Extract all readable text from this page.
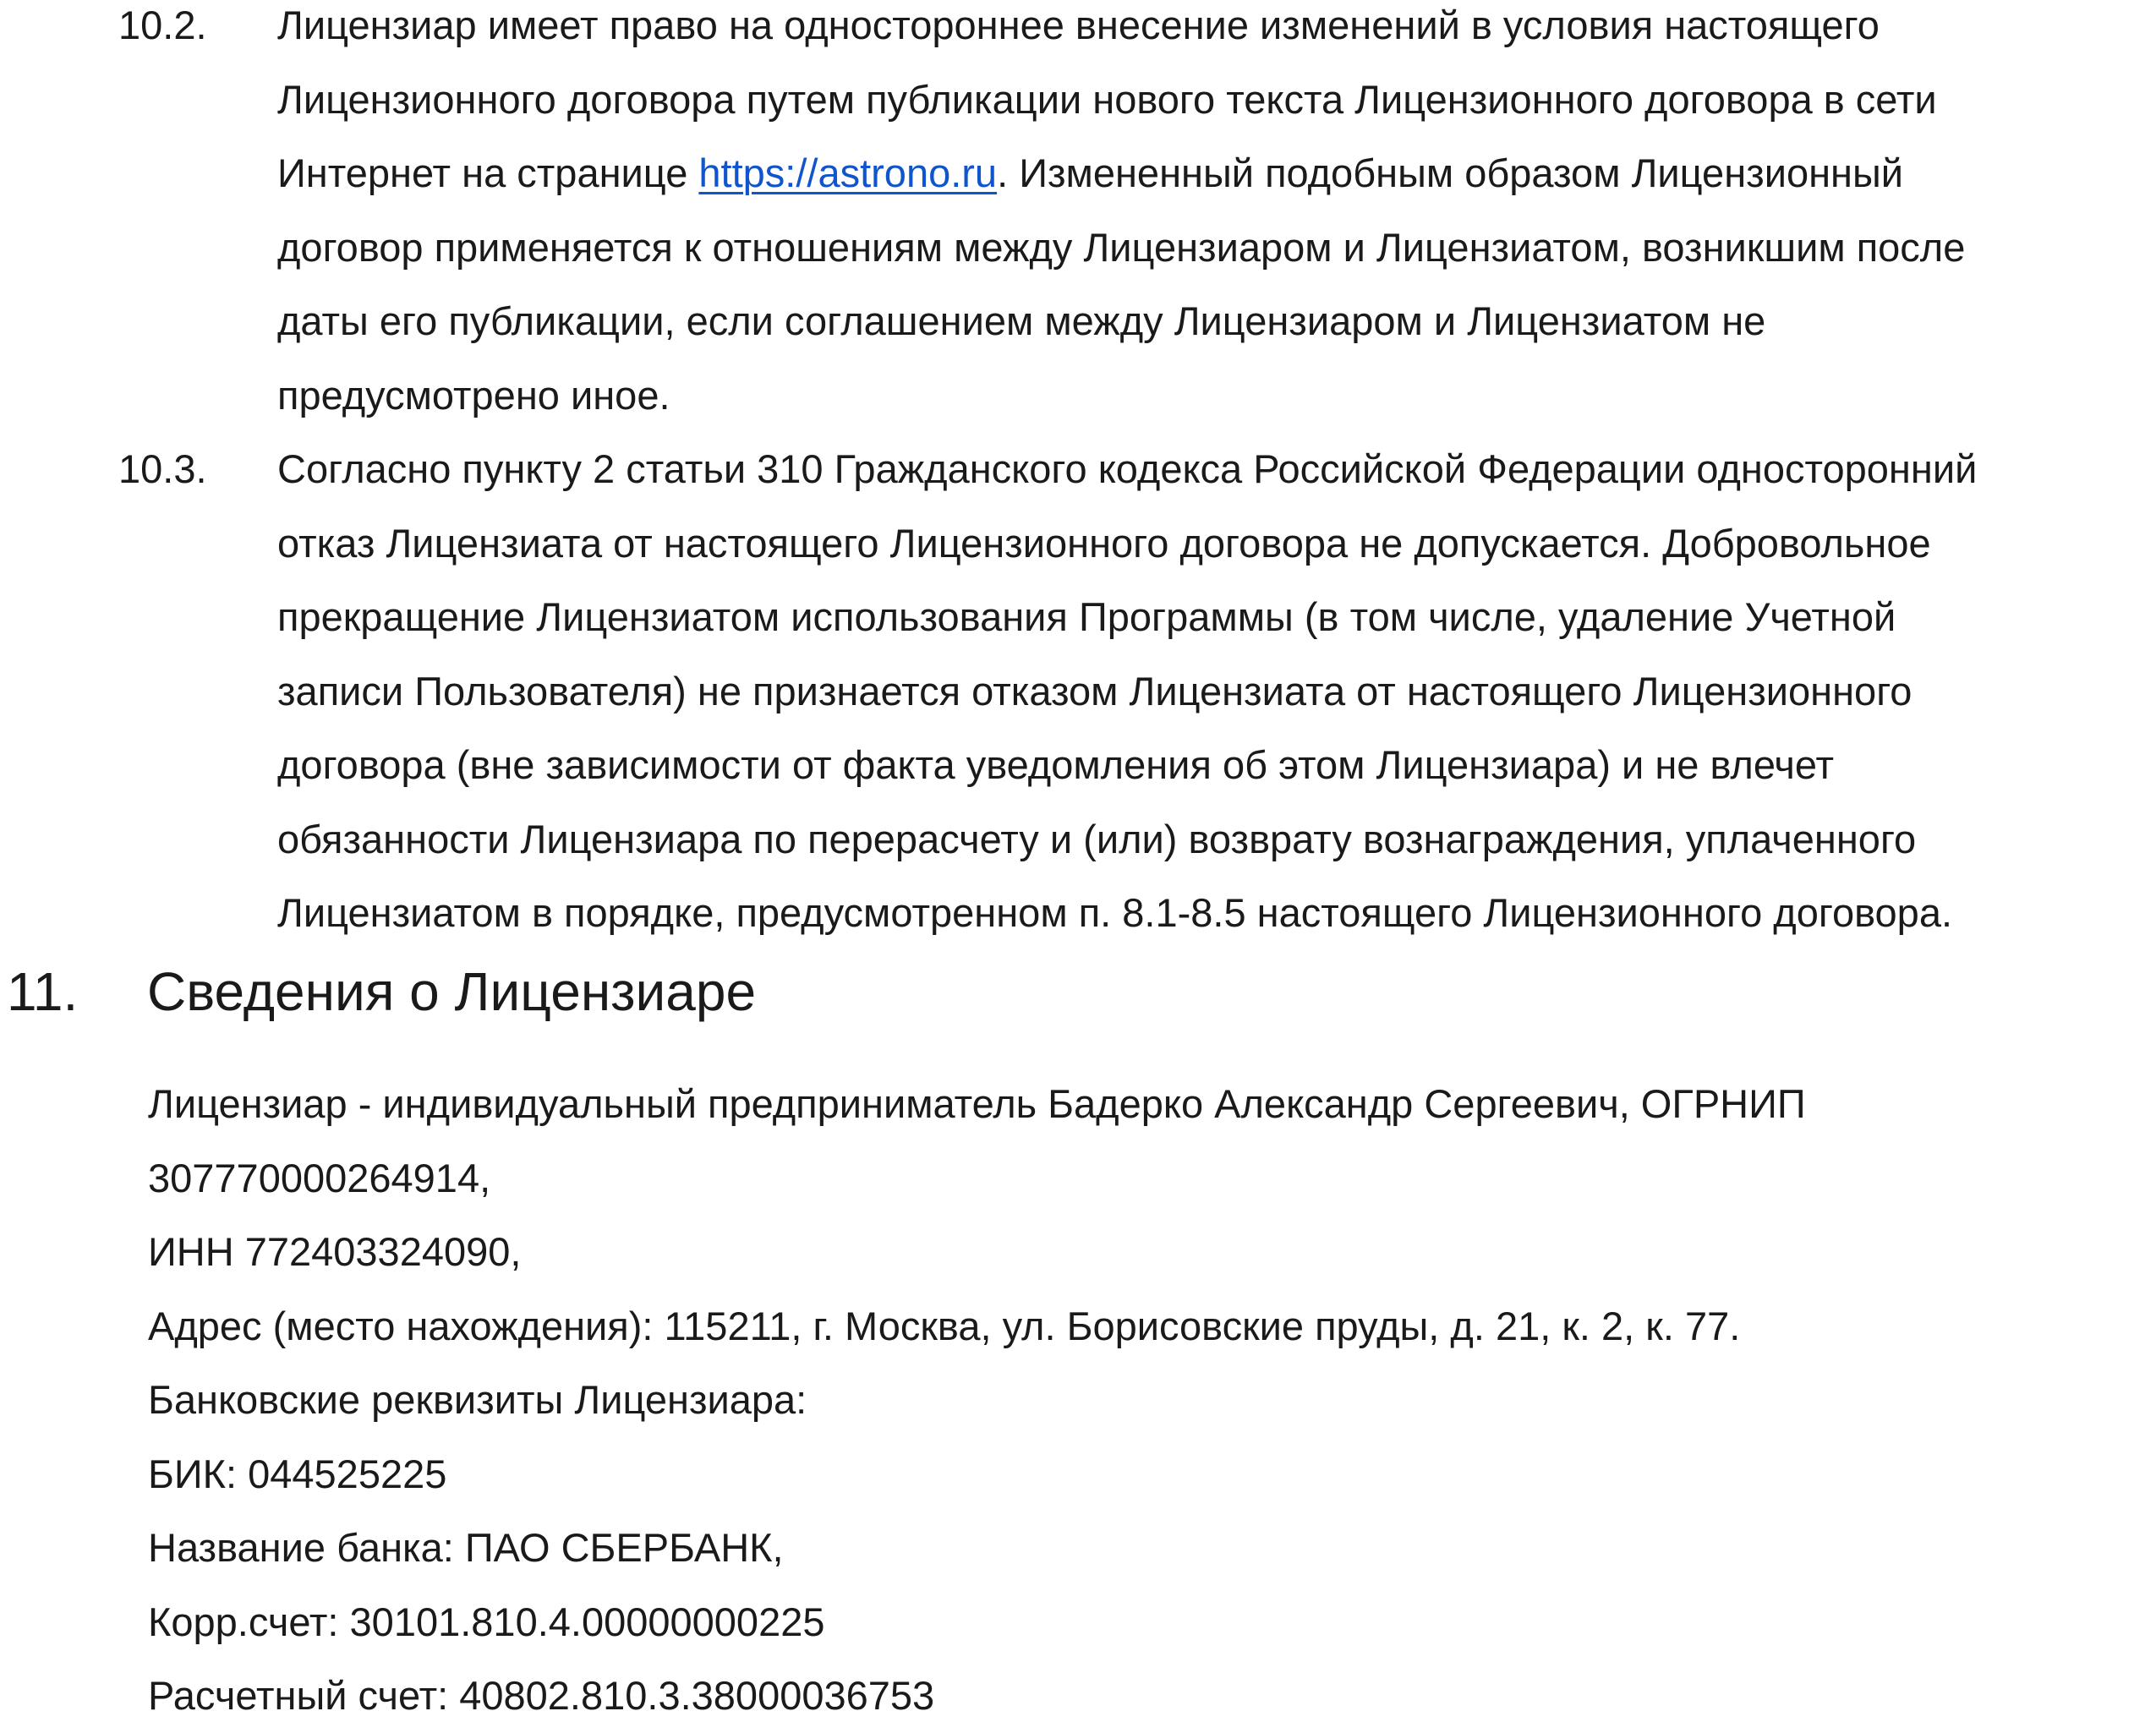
10.2. Лицензиар имеет право на одностороннее внесение изменений в условия настоящего
Лицензионного договора путем публикации нового текста Лицензионного договора в сети
Интернет на странице https://astrono.ru. Измененный подобным образом Лицензионный
договор применяется к отношениям между Лицензиаром и Лицензиатом, возникшим после
даты его публикации, если соглашением между Лицензиаром и Лицензиатом не
предусмотрено иное.
10.3. Согласно пункту 2 статьи 310 Гражданского кодекса Российской Федерации односторонний
отказ Лицензиата от настоящего Лицензионного договора не допускается. Добровольное
прекращение Лицензиатом использования Программы (в том числе, удаление Учетной
записи Пользователя) не признается отказом Лицензиата от настоящего Лицензионного
договора (вне зависимости от факта уведомления об этом Лицензиара) и не влечет
обязанности Лицензиара по перерасчету и (или) возврату вознаграждения, уплаченного
Лицензиатом в порядке, предусмотренном п. 8.1-8.5 настоящего Лицензионного договора.
11. Сведения о Лицензиаре
Лицензиар - индивидуальный предприниматель Бадерко Александр Сергеевич, ОГРНИП
307770000264914,
ИНН 772403324090,
Адрес (место нахождения): 115211, г. Москва, ул. Борисовские пруды, д. 21, к. 2, к. 77.
Банковские реквизиты Лицензиара:
БИК: 044525225
Название банка: ПАО СБЕРБАНК,
Корр.счет: 30101.810.4.00000000225
Расчетный счет: 40802.810.3.38000036753
